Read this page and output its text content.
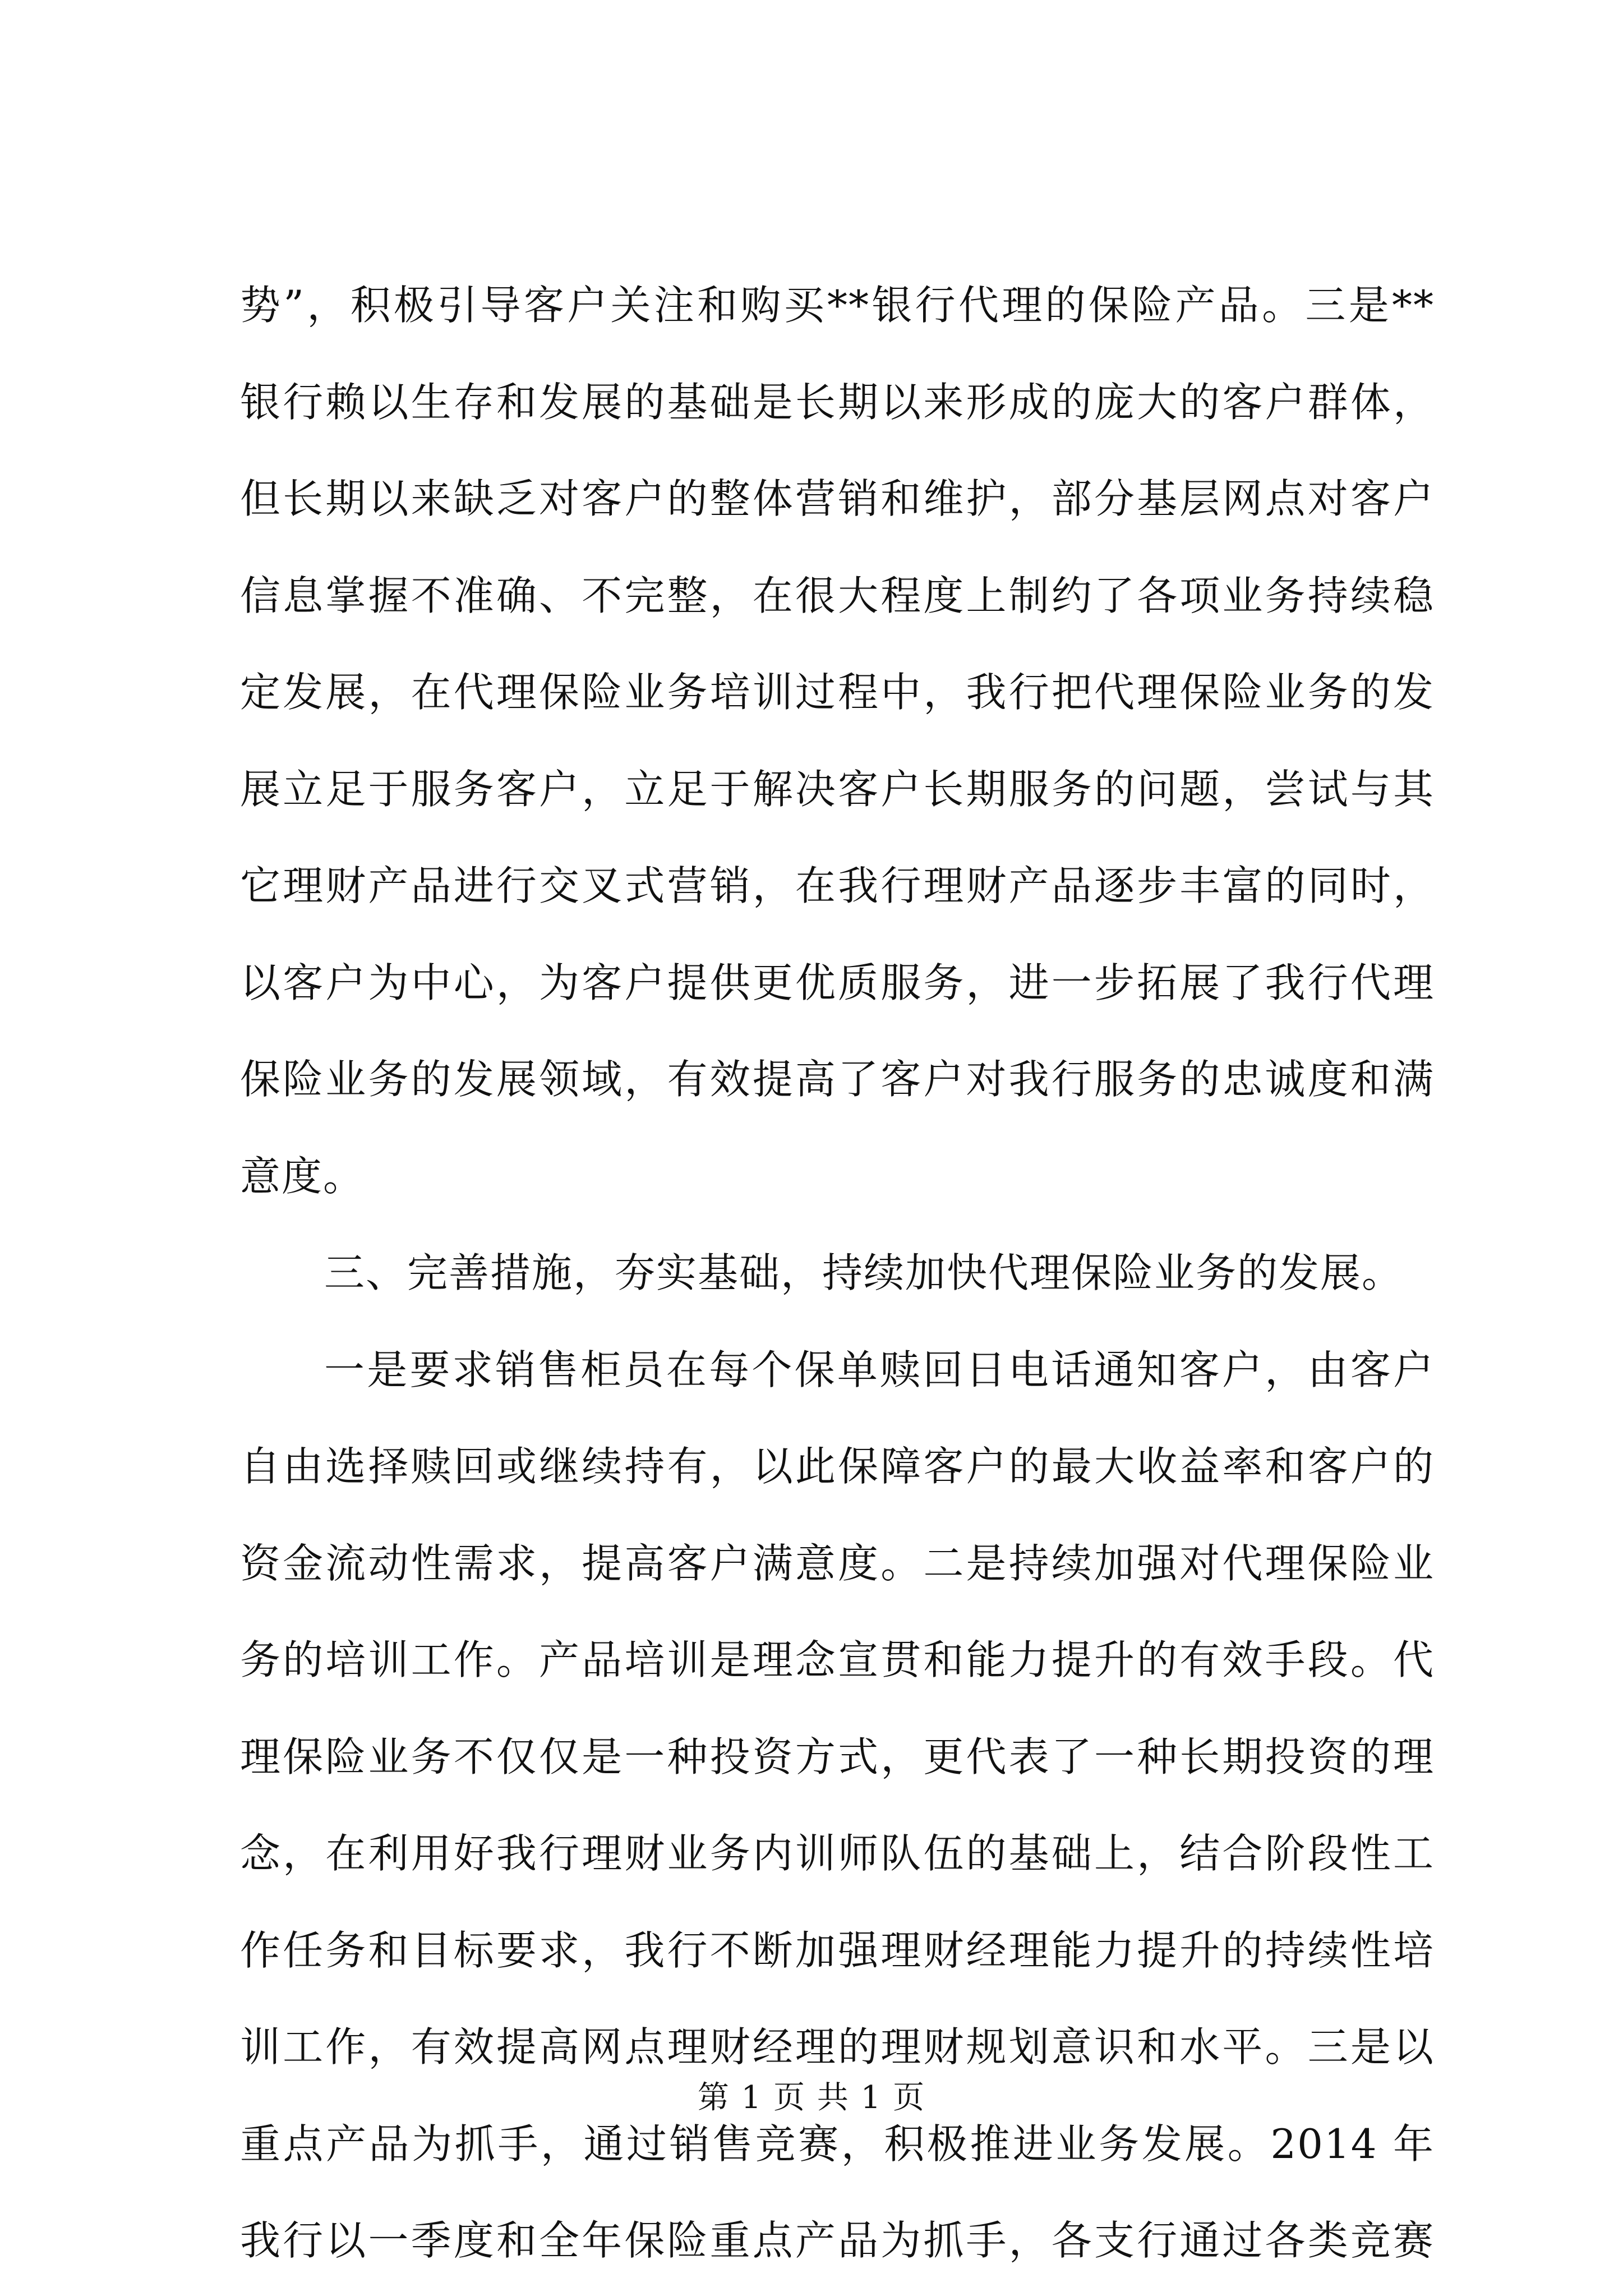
势”，积极引导客户关注和购买**银行代理的保险产品。三是**
银行赖以生存和发展的基础是长期以来形成的庞大的客户群体，
但长期以来缺乏对客户的整体营销和维护，部分基层网点对客户
信息掌握不准确、不完整，在很大程度上制约了各项业务持续稳
定发展，在代理保险业务培训过程中，我行把代理保险业务的发
展立足于服务客户，立足于解决客户长期服务的问题，尝试与其
它理财产品进行交叉式营销，在我行理财产品逐步丰富的同时，
以客户为中心，为客户提供更优质服务，进一步拓展了我行代理
保险业务的发展领域，有效提高了客户对我行服务的忠诚度和满
意度。
三、完善措施，夯实基础，持续加快代理保险业务的发展。
一是要求销售柜员在每个保单赎回日电话通知客户，由客户
自由选择赎回或继续持有，以此保障客户的最大收益率和客户的
资金流动性需求，提高客户满意度。二是持续加强对代理保险业
务的培训工作。产品培训是理念宣贯和能力提升的有效手段。代
理保险业务不仅仅是一种投资方式，更代表了一种长期投资的理
念，在利用好我行理财业务内训师队伍的基础上，结合阶段性工
作任务和目标要求，我行不断加强理财经理能力提升的持续性培
训工作，有效提高网点理财经理的理财规划意识和水平。三是以
重点产品为抓手，通过销售竞赛，积极推进业务发展。2014 年
我行以一季度和全年保险重点产品为抓手，各支行通过各类竞赛
第 1 页 共 1 页
